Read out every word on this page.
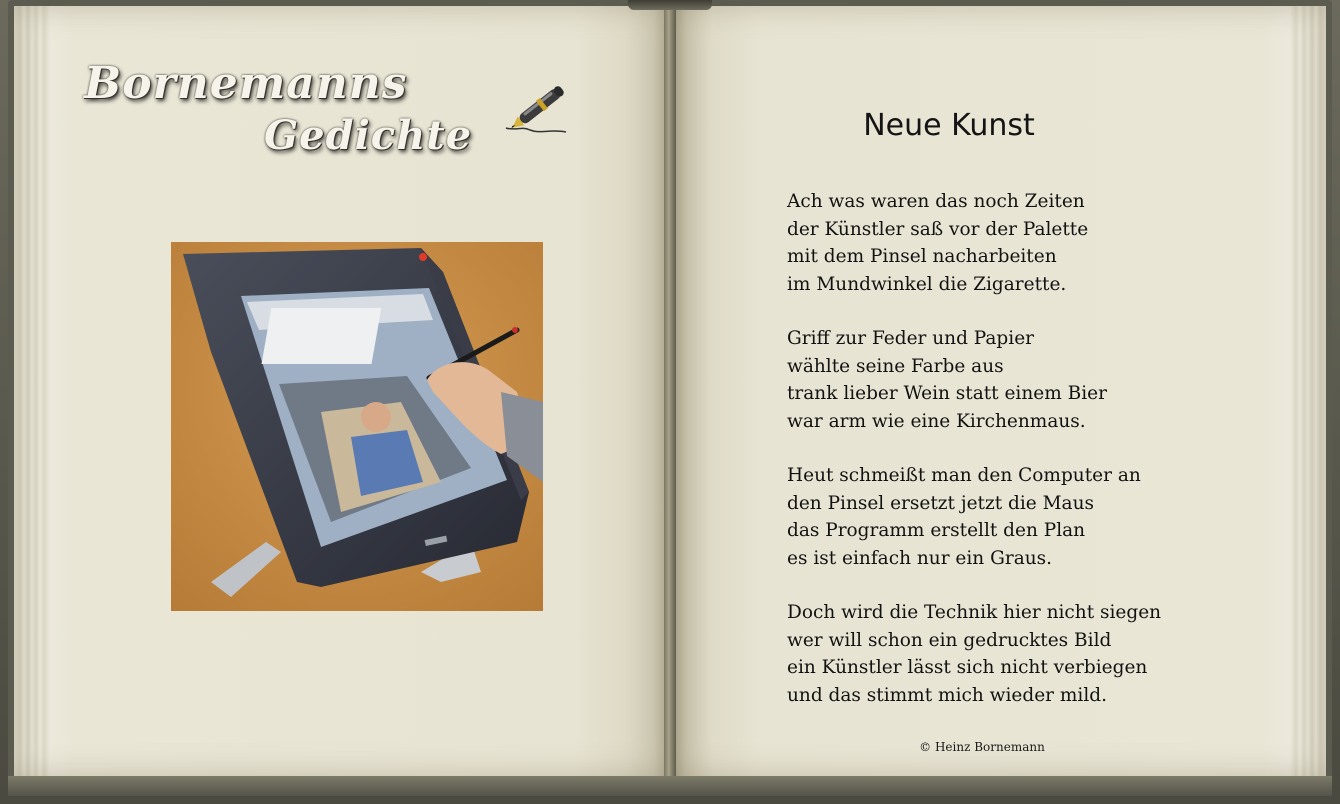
Bornemanns
Gedichte	Neue Kunst

Ach was waren das noch Zeiten
der Künstler saß vor der Palette
mit dem Pinsel nacharbeiten
im Mundwinkel die Zigarette.

Griff zur Feder und Papier
wählte seine Farbe aus
trank lieber Wein statt einem Bier
war arm wie eine Kirchenmaus.

Heut schmeißt man den Computer an
den Pinsel ersetzt jetzt die Maus
das Programm erstellt den Plan
es ist einfach nur ein Graus.

Doch wird die Technik hier nicht siegen
wer will schon ein gedrucktes Bild
ein Künstler lässt sich nicht verbiegen
und das stimmt mich wieder mild.

© Heinz Bornemann
